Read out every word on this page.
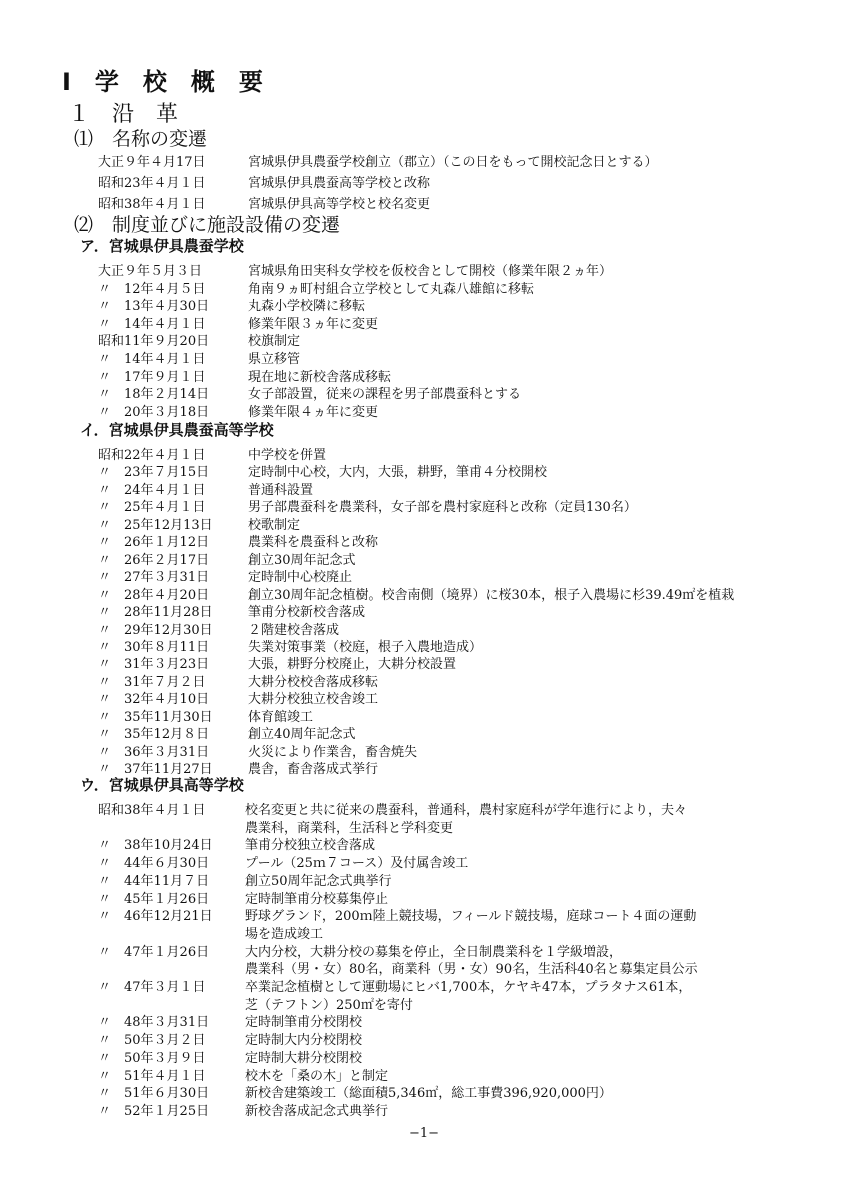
Ⅰ　学　校　概　要
１　沿　革
⑴　名称の変遷
大正９年４月17日	宮城県伊具農蚕学校創立（郡立）（この日をもって開校記念日とする）
昭和23年４月１日	宮城県伊具農蚕高等学校と改称
昭和38年４月１日	宮城県伊具高等学校と校名変更
⑵　制度並びに施設設備の変遷
ア．宮城県伊具農蚕学校
大正９年５月３日	宮城県角田実科女学校を仮校舎として開校（修業年限２ヵ年）
〃　12年４月５日	角南９ヵ町村組合立学校として丸森八雄館に移転
〃　13年４月30日	丸森小学校隣に移転
〃　14年４月１日	修業年限３ヵ年に変更
昭和11年９月20日	校旗制定
〃　14年４月１日	県立移管
〃　17年９月１日	現在地に新校舎落成移転
〃　18年２月14日	女子部設置，従来の課程を男子部農蚕科とする
〃　20年３月18日	修業年限４ヵ年に変更
イ．宮城県伊具農蚕高等学校
昭和22年４月１日	中学校を併置
〃　23年７月15日	定時制中心校，大内，大張，耕野，筆甫４分校開校
〃　24年４月１日	普通科設置
〃　25年４月１日	男子部農蚕科を農業科，女子部を農村家庭科と改称（定員130名）
〃　25年12月13日	校歌制定
〃　26年１月12日	農業科を農蚕科と改称
〃　26年２月17日	創立30周年記念式
〃　27年３月31日	定時制中心校廃止
〃　28年４月20日	創立30周年記念植樹。校舎南側（境界）に桜30本，根子入農場に杉39.49㎡を植栽
〃　28年11月28日	筆甫分校新校舎落成
〃　29年12月30日	２階建校舎落成
〃　30年８月11日	失業対策事業（校庭，根子入農地造成）
〃　31年３月23日	大張，耕野分校廃止，大耕分校設置
〃　31年７月２日	大耕分校校舎落成移転
〃　32年４月10日	大耕分校独立校舎竣工
〃　35年11月30日	体育館竣工
〃　35年12月８日	創立40周年記念式
〃　36年３月31日	火災により作業舎，畜舎焼失
〃　37年11月27日	農舎，畜舎落成式挙行
ウ．宮城県伊具高等学校
昭和38年４月１日	校名変更と共に従来の農蚕科，普通科，農村家庭科が学年進行により，夫々
農業科，商業科，生活科と学科変更
〃　38年10月24日 筆甫分校独立校舎落成
〃　44年６月30日	プール（25ｍ７コース）及付属舎竣工
〃　44年11月７日	創立50周年記念式典挙行
〃　45年１月26日	定時制筆甫分校募集停止
〃　46年12月21日 野球グランド，200ｍ陸上競技場，フィールド競技場，庭球コート４面の運動
場を造成竣工
〃　47年１月26日	大内分校，大耕分校の募集を停止，全日制農業科を１学級増設，
農業科（男・女）80名，商業科（男・女）90名，生活科40名と募集定員公示
〃　47年３月１日	卒業記念植樹として運動場にヒバ1,700本，ケヤキ47本，プラタナス61本，
芝（テフトン）250㎡を寄付
〃　48年３月31日	定時制筆甫分校閉校
〃　50年３月２日	定時制大内分校閉校
〃　50年３月９日	定時制大耕分校閉校
〃　51年４月１日	校木を「桑の木」と制定
〃　51年６月30日	新校舎建築竣工（総面積5,346㎡，総工事費396,920,000円）
〃　52年１月25日	新校舎落成記念式典挙行
−1−
